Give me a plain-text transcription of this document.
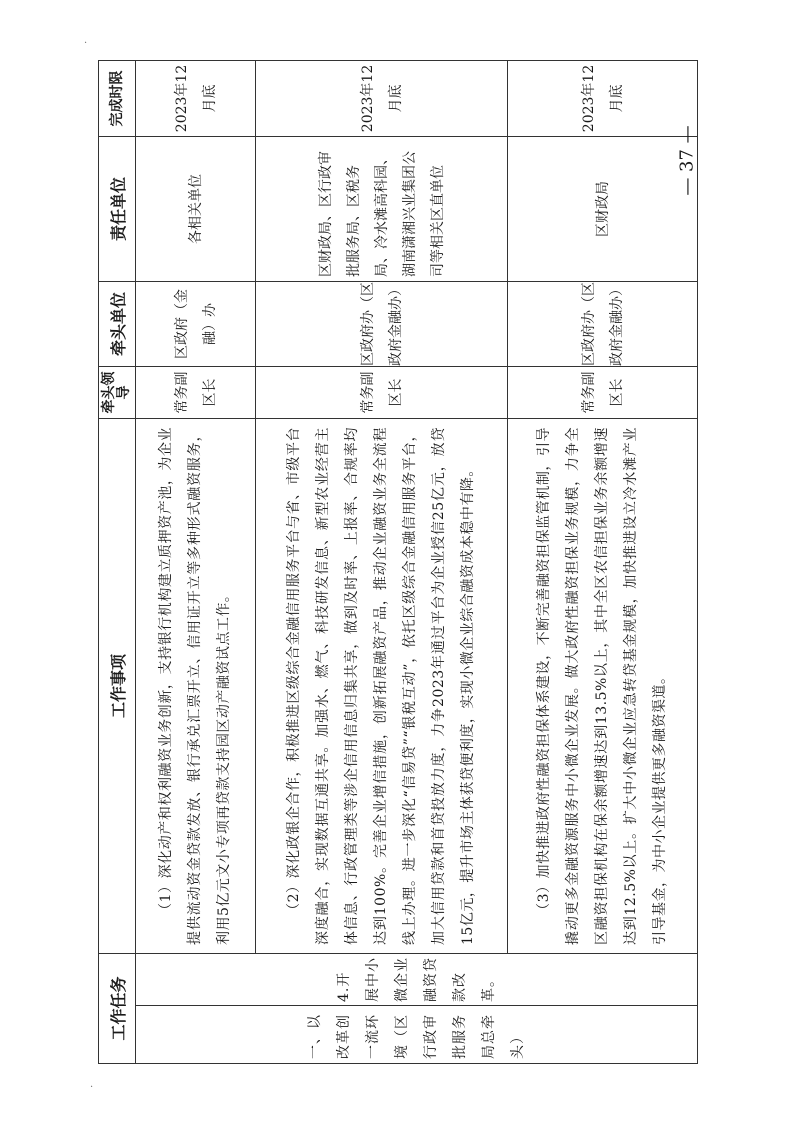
工作任务		工作事项	牵头领导	牵头单位	责任单位	完成时限

一、以改革创一流环境（区行政审批服务局总牵头）	4.开展中小微企业融资贷款改革。	（1）深化动产和权利融资业务创新，支持银行机构建立质押资产池，为企业提供流动资金贷款发放、银行承兑汇票开立、信用证开立等多种形式融资服务，利用5亿元文小专项再贷款支持园区动产融资试点工作。	常务副区长	区政府（金融）办	各相关单位	2023年12月底

		（2）深化政银企合作，积极推进区级综合金融信用服务平台与省、市级平台深度融合，实现数据互通共享。加强水、燃气、科技研发信息、新型农业经营主体信息、行政管理类等涉企信用信息归集共享，做到及时率、上报率、合规率均达到100%。完善企业增信措施，创新拓展融资产品，推动企业融资业务全流程线上办理。进一步深化“信易贷”“银税互动”，依托区级综合金融信用服务平台，加大信用贷款和首贷投放力度，力争2023年通过平台为企业授信25亿元，放贷15亿元，提升市场主体获贷便利度，实现小微企业综合融资成本稳中有降。	常务副区长	区政府办（区政府金融办）	区财政局、区行政审批服务局、区税务局、冷水滩高科园、湖南潇湘兴业集团公司等相关区直单位	2023年12月底

		（3）加快推进政府性融资担保体系建设，不断完善融资担保监管机制，引导撬动更多金融资源服务中小微企业发展。做大政府性融资担保业务规模，力争全区融资担保机构在保余额增速达到13.5%以上，其中全区农信担保业务余额增速达到12.5%以上。扩大中小微企业应急转贷基金规模，加快推进设立冷水滩产业引导基金，为中小企业提供更多融资渠道。	常务副区长	区政府办（区政府金融办）	区财政局	2023年12月底
— 37 —
·
·
